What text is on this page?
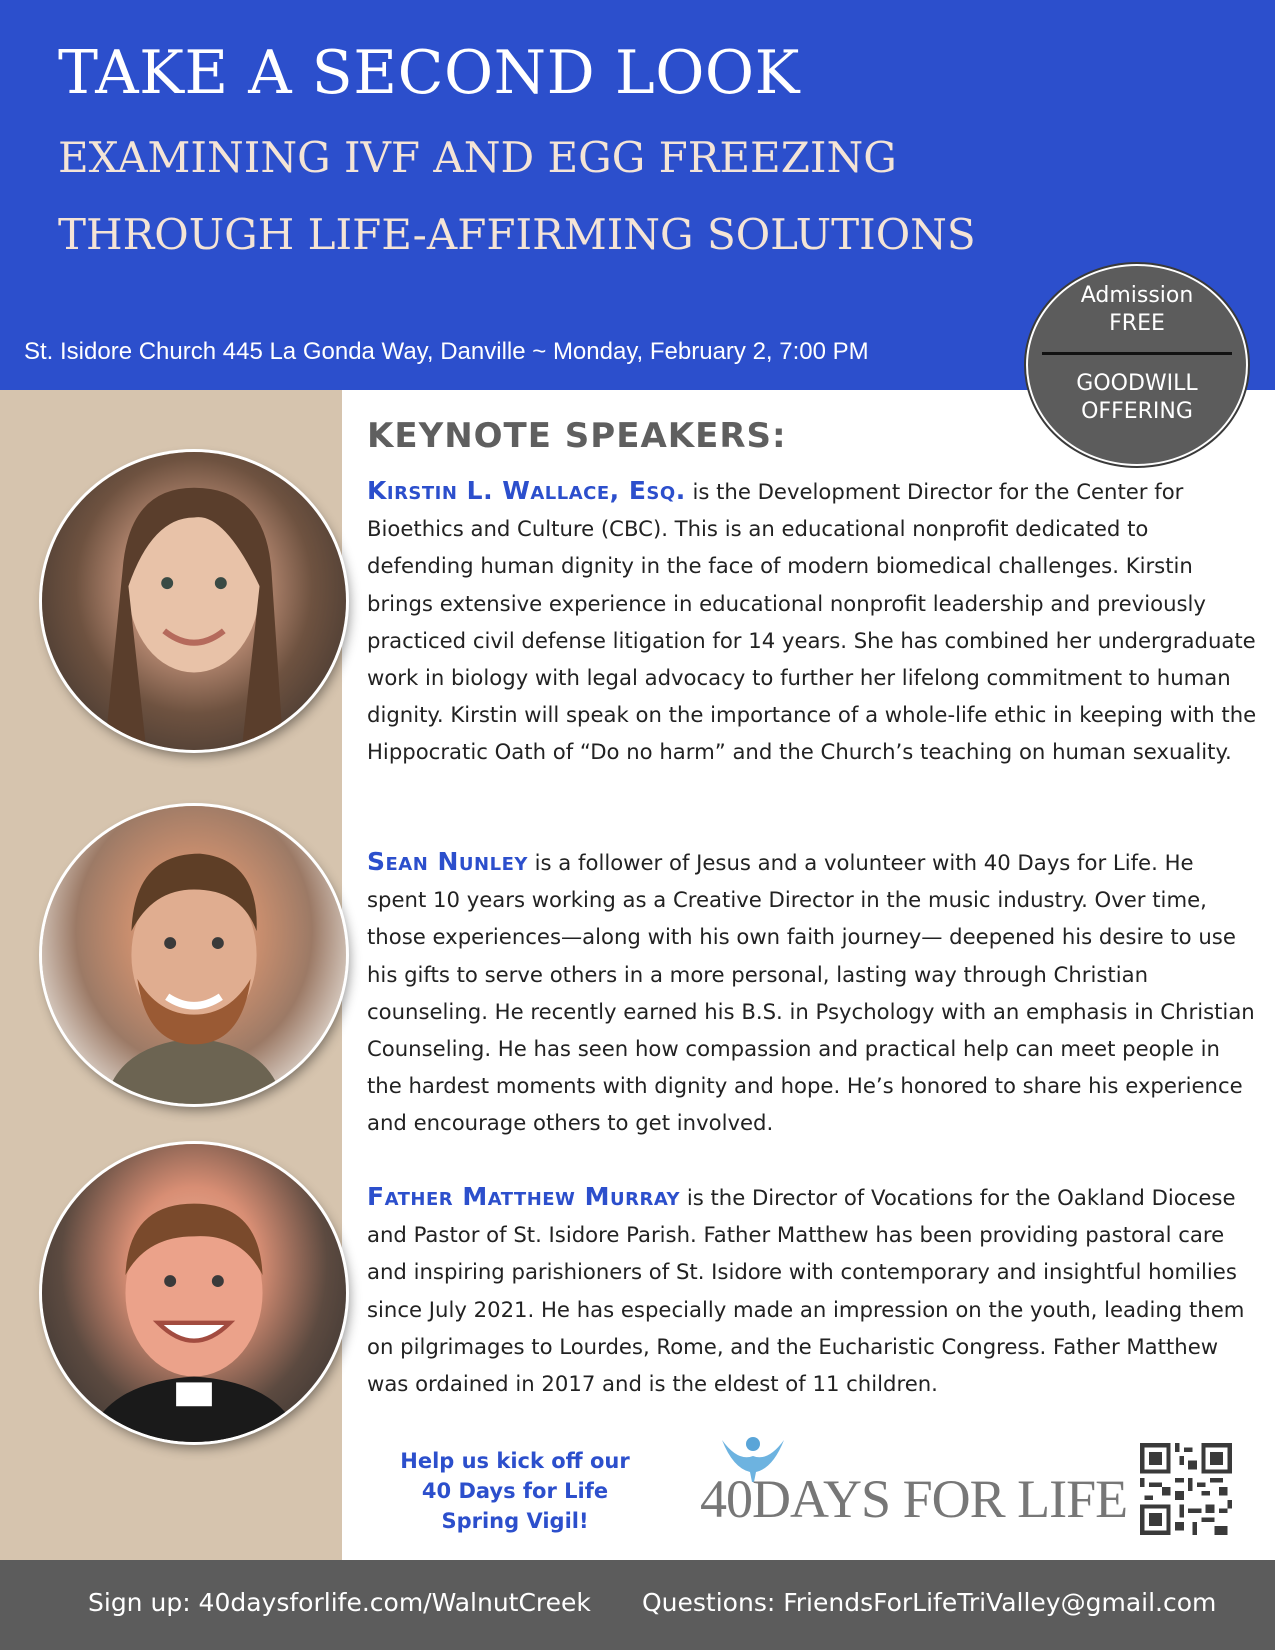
TAKE A SECOND LOOK
EXAMINING IVF AND EGG FREEZING
THROUGH LIFE-AFFIRMING SOLUTIONS
St. Isidore Church 445 La Gonda Way, Danville ~ Monday, February 2, 7:00 PM
Admission
FREE
GOODWILL
OFFERING
KEYNOTE SPEAKERS:
Kirstin L. Wallace, Esq. is the Development Director for the Center for Bioethics and Culture (CBC). This is an educational nonprofit dedicated to defending human dignity in the face of modern biomedical challenges. Kirstin brings extensive experience in educational nonprofit leadership and previously practiced civil defense litigation for 14 years. She has combined her undergraduate work in biology with legal advocacy to further her lifelong commitment to human dignity. Kirstin will speak on the importance of a whole-life ethic in keeping with the Hippocratic Oath of “Do no harm” and the Church’s teaching on human sexuality.
Sean Nunley is a follower of Jesus and a volunteer with 40 Days for Life. He spent 10 years working as a Creative Director in the music industry. Over time, those experiences—along with his own faith journey— deepened his desire to use his gifts to serve others in a more personal, lasting way through Christian counseling. He recently earned his B.S. in Psychology with an emphasis in Christian Counseling. He has seen how compassion and practical help can meet people in the hardest moments with dignity and hope. He’s honored to share his experience and encourage others to get involved.
Father Matthew Murray is the Director of Vocations for the Oakland Diocese and Pastor of St. Isidore Parish. Father Matthew has been providing pastoral care and inspiring parishioners of St. Isidore with contemporary and insightful homilies since July 2021. He has especially made an impression on the youth, leading them on pilgrimages to Lourdes, Rome, and the Eucharistic Congress. Father Matthew was ordained in 2017 and is the eldest of 11 children.
Help us kick off our
40 Days for Life
Spring Vigil!	40DAYS FOR LIFE
Sign up: 40daysforlife.com/WalnutCreek Questions: FriendsForLifeTriValley@gmail.com
